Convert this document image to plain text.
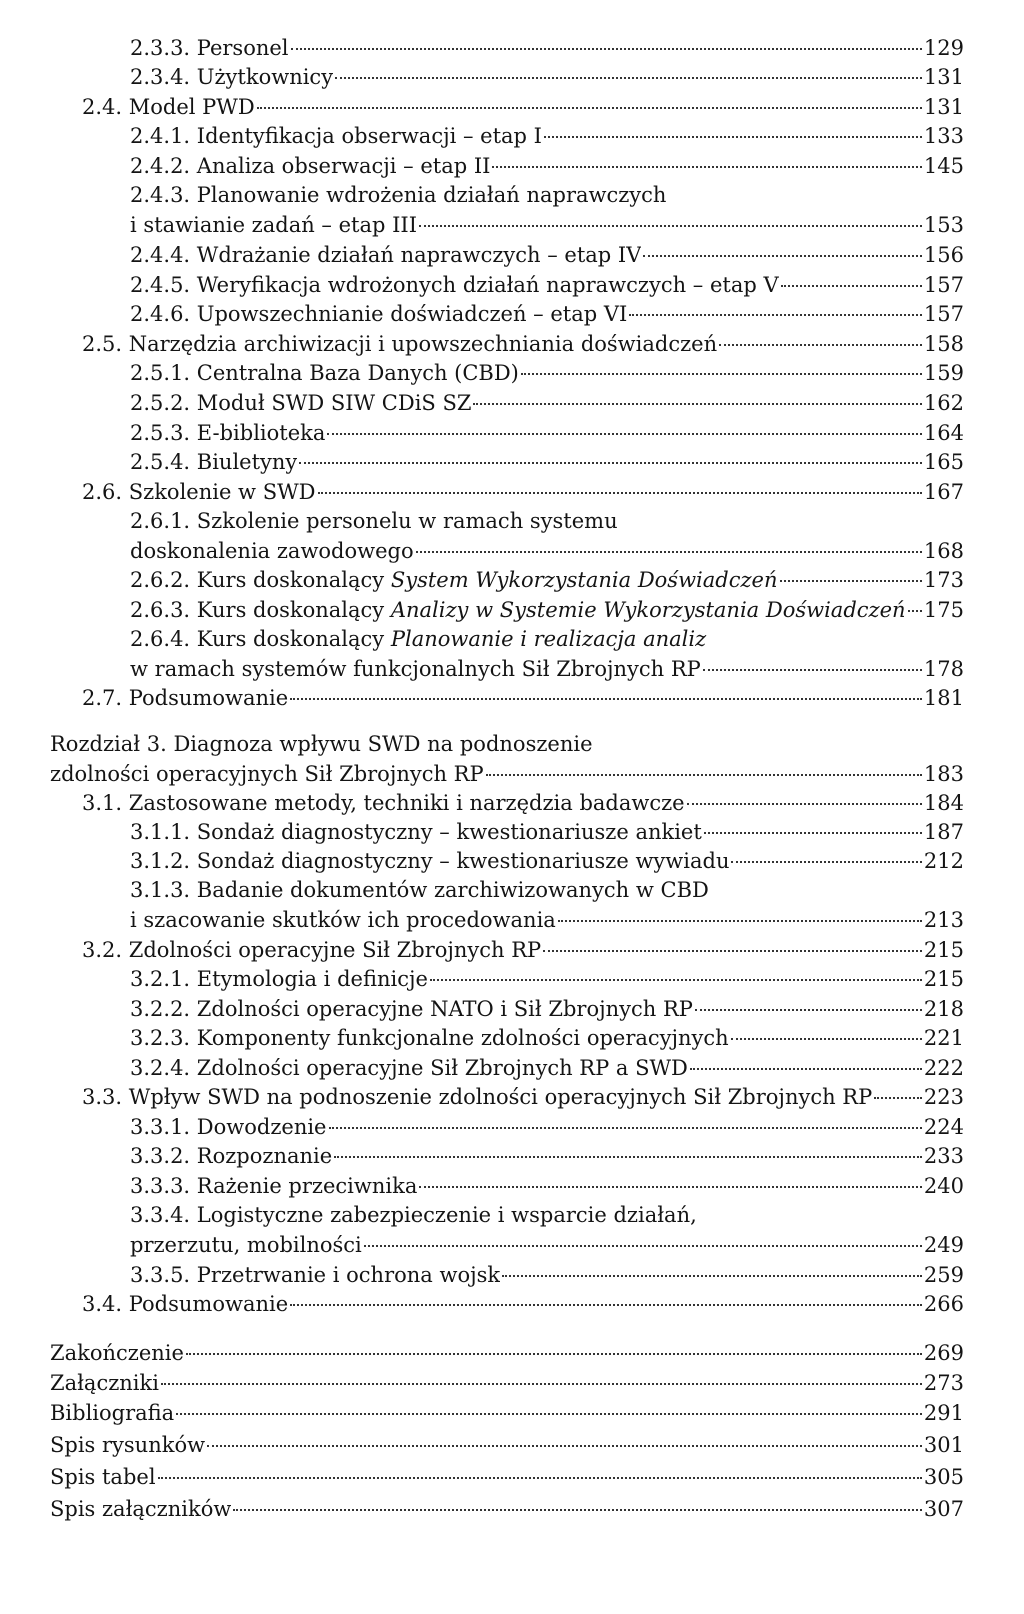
2.3.3. Personel	129
2.3.4. Użytkownicy	131
2.4. Model PWD	131
2.4.1. Identyfikacja obserwacji – etap I	133
2.4.2. Analiza obserwacji – etap II	145
2.4.3. Planowanie wdrożenia działań naprawczych
i stawianie zadań – etap III	153
2.4.4. Wdrażanie działań naprawczych – etap IV	156
2.4.5. Weryfikacja wdrożonych działań naprawczych – etap V	157
2.4.6. Upowszechnianie doświadczeń – etap VI	157
2.5. Narzędzia archiwizacji i upowszechniania doświadczeń	158
2.5.1. Centralna Baza Danych (CBD)	159
2.5.2. Moduł SWD SIW CDiS SZ	162
2.5.3. E-biblioteka	164
2.5.4. Biuletyny	165
2.6. Szkolenie w SWD	167
2.6.1. Szkolenie personelu w ramach systemu
doskonalenia zawodowego	168
2.6.2. Kurs doskonalący System Wykorzystania Doświadczeń	173
2.6.3. Kurs doskonalący Analizy w Systemie Wykorzystania Doświadczeń 175
2.6.4. Kurs doskonalący Planowanie i realizacja analiz
w ramach systemów funkcjonalnych Sił Zbrojnych RP	178
2.7. Podsumowanie	181
Rozdział 3. Diagnoza wpływu SWD na podnoszenie
zdolności operacyjnych Sił Zbrojnych RP	183
3.1. Zastosowane metody, techniki i narzędzia badawcze	184
3.1.1. Sondaż diagnostyczny – kwestionariusze ankiet	187
3.1.2. Sondaż diagnostyczny – kwestionariusze wywiadu	212
3.1.3. Badanie dokumentów zarchiwizowanych w CBD
i szacowanie skutków ich procedowania	213
3.2. Zdolności operacyjne Sił Zbrojnych RP	215
3.2.1. Etymologia i definicje	215
3.2.2. Zdolności operacyjne NATO i Sił Zbrojnych RP	218
3.2.3. Komponenty funkcjonalne zdolności operacyjnych	221
3.2.4. Zdolności operacyjne Sił Zbrojnych RP a SWD	222
3.3. Wpływ SWD na podnoszenie zdolności operacyjnych Sił Zbrojnych RP 223
3.3.1. Dowodzenie	224
3.3.2. Rozpoznanie	233
3.3.3. Rażenie przeciwnika	240
3.3.4. Logistyczne zabezpieczenie i wsparcie działań,
przerzutu, mobilności	249
3.3.5. Przetrwanie i ochrona wojsk	259
3.4. Podsumowanie	266
Zakończenie	269
Załączniki	273
Bibliografia	291
Spis rysunków	301
Spis tabel	305
Spis załączników	307
